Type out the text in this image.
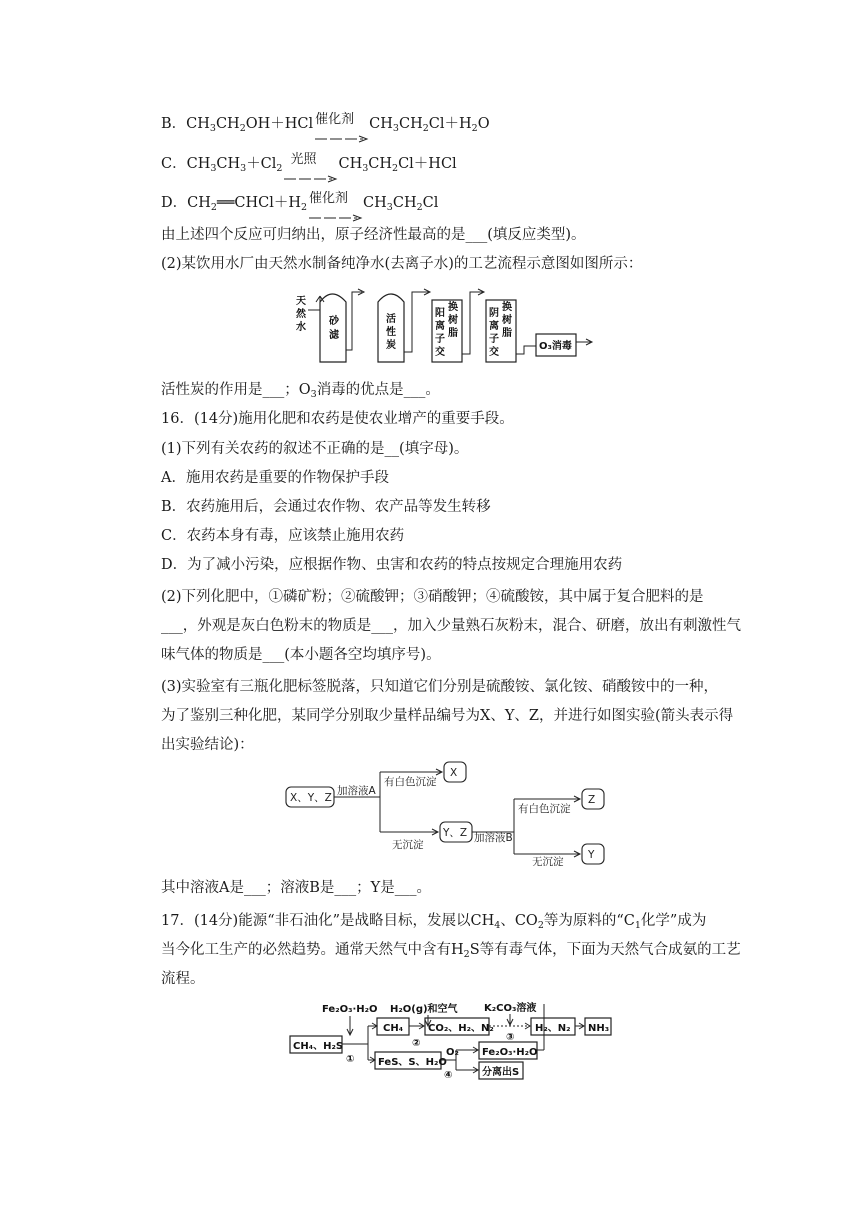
B．$CH_3CH_2OH+HCl$ 催化剂 $CH_3CH_2Cl+H_2O$
C．$CH_3CH_3+Cl_2$
光照 $CH_3CH_2Cl+HCl$
D．$CH_2══CHCl+H_2$
催化剂 $CH_3CH_2Cl$
由上述四个反应可归纳出，原子经济性最高的是___(填反应类型)。
(2)某饮用水厂由天然水制备纯净水(去离子水)的工艺流程示意图如图所示：
天
然
水
砂
滤
活
性
炭
阳
离
子
交
换
树
脂
阴
离
子
交
换
树
脂
O₃消毒
活性炭的作用是___；$O_3$消毒的优点是___。
16．(14分)施用化肥和农药是使农业增产的重要手段。
(1)下列有关农药的叙述不正确的是__(填字母)。
A．施用农药是重要的作物保护手段
B．农药施用后，会通过农作物、农产品等发生转移
C．农药本身有毒，应该禁止施用农药
D．为了减小污染，应根据作物、虫害和农药的特点按规定合理施用农药
(2)下列化肥中，①磷矿粉；②硫酸钾；③硝酸钾；④硫酸铵，其中属于复合肥料的是
___，外观是灰白色粉末的物质是___，加入少量熟石灰粉末，混合、研磨，放出有刺激性气
味气体的物质是___(本小题各空均填序号)。
(3)实验室有三瓶化肥标签脱落，只知道它们分别是硫酸铵、氯化铵、硝酸铵中的一种，
为了鉴别三种化肥，某同学分别取少量样品编号为X、Y、Z，并进行如图实验(箭头表示得
出实验结论)：
X、Y、Z
加溶液A
有白色沉淀
X
无沉淀
Y、Z 加溶液B
有白色沉淀
Z
无沉淀
Y
其中溶液A是___；溶液B是___；Y是___。
17．(14分)能源“非石油化”是战略目标，发展以$CH_4$、$CO_2$等为原料的“$C_1$化学”成为
当今化工生产的必然趋势。通常天然气中含有$H_2S$等有毒气体，下面为天然气合成氨的工艺
流程。
Fe₂O₃·H₂O
CH₄、H₂S
①
CH₄
H₂O(g)和空气
CO₂、H₂、N₂
②
K₂CO₃溶液
③
H₂、N₂ NH₃
FeS、S、H₂O
O₂
④
Fe₂O₃·H₂O
分离出S
